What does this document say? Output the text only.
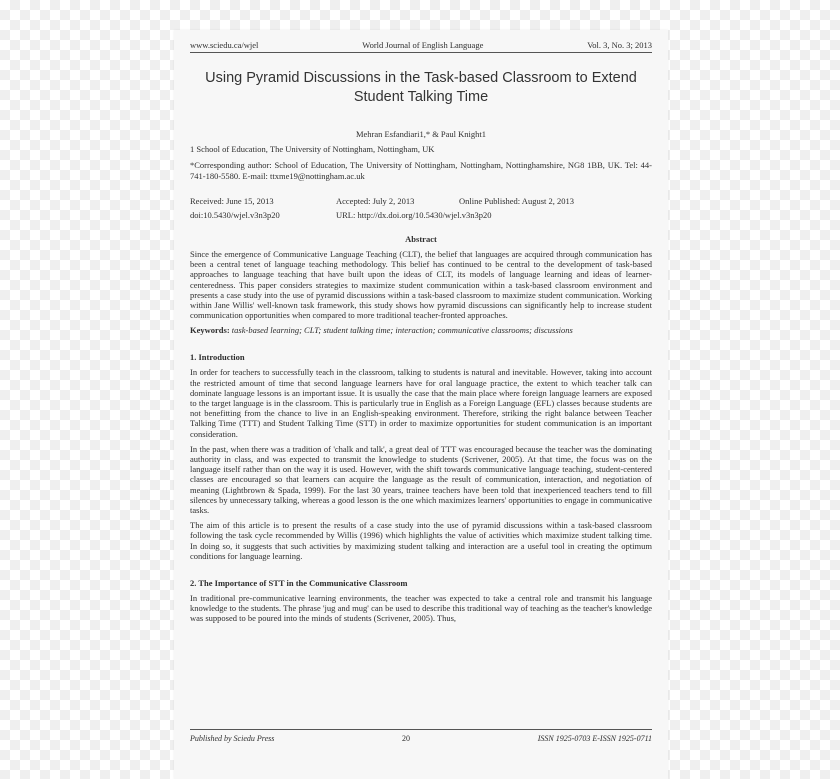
www.sciedu.ca/wjel	World Journal of English Language	Vol. 3, No. 3; 2013
Using Pyramid Discussions in the Task-based Classroom to Extend Student Talking Time
Mehran Esfandiari1,* & Paul Knight1
1 School of Education, The University of Nottingham, Nottingham, UK
*Corresponding author: School of Education, The University of Nottingham, Nottingham, Nottinghamshire, NG8 1BB, UK. Tel: 44-741-180-5580. E-mail: ttxme19@nottingham.ac.uk
Received: June 15, 2013	Accepted: July 2, 2013	Online Published: August 2, 2013
doi:10.5430/wjel.v3n3p20	URL: http://dx.doi.org/10.5430/wjel.v3n3p20
Abstract
Since the emergence of Communicative Language Teaching (CLT), the belief that languages are acquired through communication has been a central tenet of language teaching methodology. This belief has continued to be central to the development of task-based approaches to language teaching that have built upon the ideas of CLT, its models of language learning and ideas of learner-centeredness. This paper considers strategies to maximize student communication within a task-based classroom environment and presents a case study into the use of pyramid discussions within a task-based classroom to maximize student communication. Working within Jane Willis' well-known task framework, this study shows how pyramid discussions can significantly help to increase student communication opportunities when compared to more traditional teacher-fronted approaches.
Keywords: task-based learning; CLT; student talking time; interaction; communicative classrooms; discussions
1. Introduction
In order for teachers to successfully teach in the classroom, talking to students is natural and inevitable. However, taking into account the restricted amount of time that second language learners have for oral language practice, the extent to which teacher talk can dominate language lessons is an important issue. It is usually the case that the main place where foreign language learners are exposed to the target language is in the classroom. This is particularly true in English as a Foreign Language (EFL) classes because students are not benefitting from the chance to live in an English-speaking environment. Therefore, striking the right balance between Teacher Talking Time (TTT) and Student Talking Time (STT) in order to maximize opportunities for student communication is an important consideration.
In the past, when there was a tradition of 'chalk and talk', a great deal of TTT was encouraged because the teacher was the dominating authority in class, and was expected to transmit the knowledge to students (Scrivener, 2005). At that time, the focus was on the language itself rather than on the way it is used. However, with the shift towards communicative language teaching, student-centered classes are encouraged so that learners can acquire the language as the result of communication, interaction, and negotiation of meaning (Lightbrown & Spada, 1999). For the last 30 years, trainee teachers have been told that inexperienced teachers tend to fill silences by unnecessary talking, whereas a good lesson is the one which maximizes learners' opportunities to engage in communicative tasks.
The aim of this article is to present the results of a case study into the use of pyramid discussions within a task-based classroom following the task cycle recommended by Willis (1996) which highlights the value of activities which maximize student talking time. In doing so, it suggests that such activities by maximizing student talking and interaction are a useful tool in creating the optimum conditions for language learning.
2. The Importance of STT in the Communicative Classroom
In traditional pre-communicative learning environments, the teacher was expected to take a central role and transmit his language knowledge to the students. The phrase 'jug and mug' can be used to describe this traditional way of teaching as the teacher's knowledge was supposed to be poured into the minds of students (Scrivener, 2005). Thus,
Published by Sciedu Press	20	ISSN 1925-0703 E-ISSN 1925-0711
